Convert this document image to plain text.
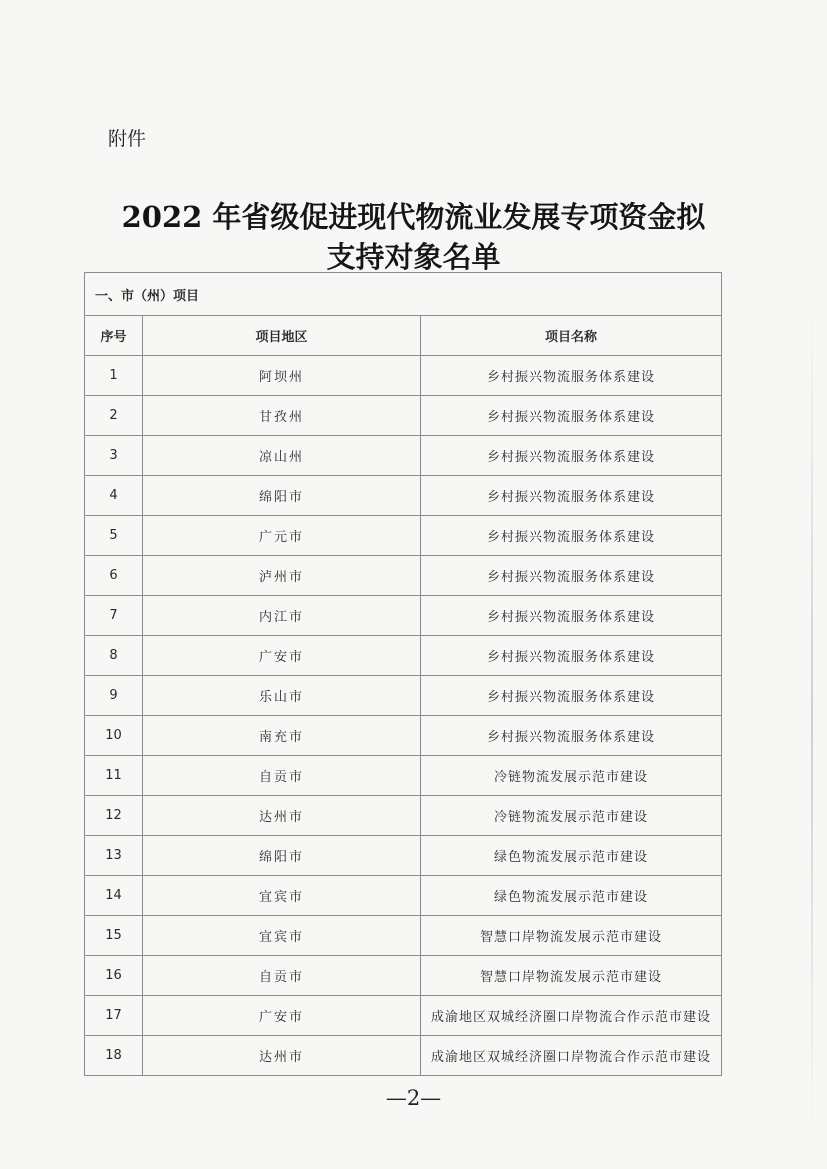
附件
2022 年省级促进现代物流业发展专项资金拟
支持对象名单
一、市（州）项目		
序号	项目地区	项目名称
1	阿坝州	乡村振兴物流服务体系建设
2	甘孜州	乡村振兴物流服务体系建设
3	凉山州	乡村振兴物流服务体系建设
4	绵阳市	乡村振兴物流服务体系建设
5	广元市	乡村振兴物流服务体系建设
6	泸州市	乡村振兴物流服务体系建设
7	内江市	乡村振兴物流服务体系建设
8	广安市	乡村振兴物流服务体系建设
9	乐山市	乡村振兴物流服务体系建设
10	南充市	乡村振兴物流服务体系建设
11	自贡市	冷链物流发展示范市建设
12	达州市	冷链物流发展示范市建设
13	绵阳市	绿色物流发展示范市建设
14	宜宾市	绿色物流发展示范市建设
15	宜宾市	智慧口岸物流发展示范市建设
16	自贡市	智慧口岸物流发展示范市建设
17	广安市	成渝地区双城经济圈口岸物流合作示范市建设
18	达州市	成渝地区双城经济圈口岸物流合作示范市建设
—2—
